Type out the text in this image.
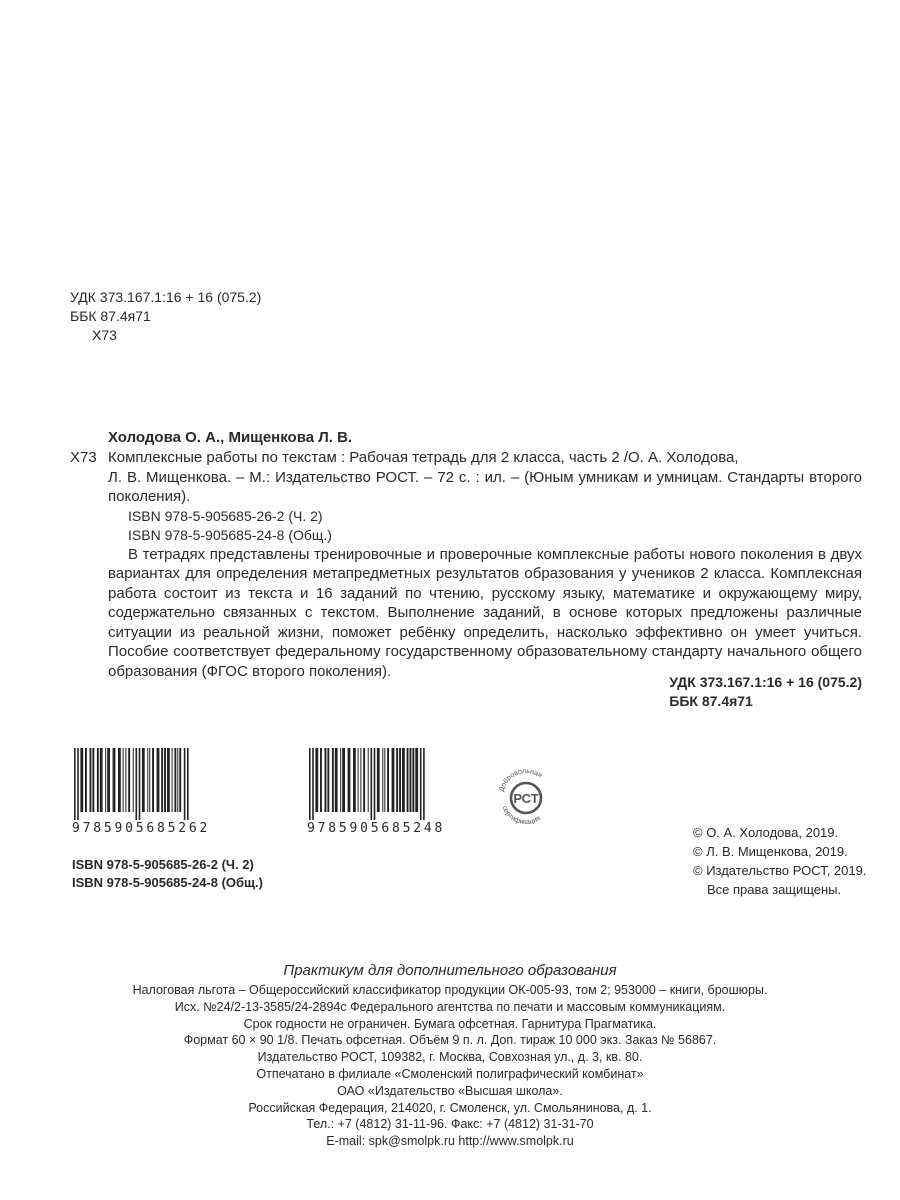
УДК 373.167.1:16 + 16 (075.2)
ББК 87.4я71
Х73
Холодова О. А., Мищенкова Л. В.
Х73 Комплексные работы по текстам : Рабочая тетрадь для 2 класса, часть 2 /О. А. Холодова,
Л. В. Мищенкова. – М.: Издательство РОСТ. – 72 с. : ил. – (Юным умникам и умницам. Стандарты второго поколения).
ISBN 978-5-905685-26-2 (Ч. 2)
ISBN 978-5-905685-24-8 (Общ.)
В тетрадях представлены тренировочные и проверочные комплексные работы нового поколения в двух вариантах для определения метапредметных результатов образования у учеников 2 класса. Комплексная работа состоит из текста и 16 заданий по чтению, русскому языку, математике и окружающему миру, содержательно связанных с текстом. Выполнение заданий, в основе которых предложены различные ситуации из реальной жизни, поможет ребёнку определить, насколько эффективно он умеет учиться. Пособие соответствует федеральному государственному образовательному стандарту начального общего образования (ФГОС второго поколения).
УДК 373.167.1:16 + 16 (075.2)
ББК 87.4я71
9785905685262	9785905685248
Добровольная
РСТ
сертификация
© О. А. Холодова, 2019.
© Л. В. Мищенкова, 2019.
© Издательство РОСТ, 2019.
Все права защищены.
ISBN 978-5-905685-26-2 (Ч. 2)
ISBN 978-5-905685-24-8 (Общ.)
Практикум для дополнительного образования
Налоговая льгота – Общероссийский классификатор продукции ОК-005-93, том 2; 953000 – книги, брошюры.
Исх. №24/2-13-3585/24-2894с Федерального агентства по печати и массовым коммуникациям.
Срок годности не ограничен. Бумага офсетная. Гарнитура Прагматика.
Формат 60 × 90 1/8. Печать офсетная. Объём 9 п. л. Доп. тираж 10 000 экз. Заказ № 56867.
Издательство РОСТ, 109382, г. Москва, Совхозная ул., д. 3, кв. 80.
Отпечатано в филиале «Смоленский полиграфический комбинат»
ОАО «Издательство «Высшая школа».
Российская Федерация, 214020, г. Смоленск, ул. Смольянинова, д. 1.
Тел.: +7 (4812) 31-11-96. Факс: +7 (4812) 31-31-70
E-mail: spk@smolpk.ru http://www.smolpk.ru
